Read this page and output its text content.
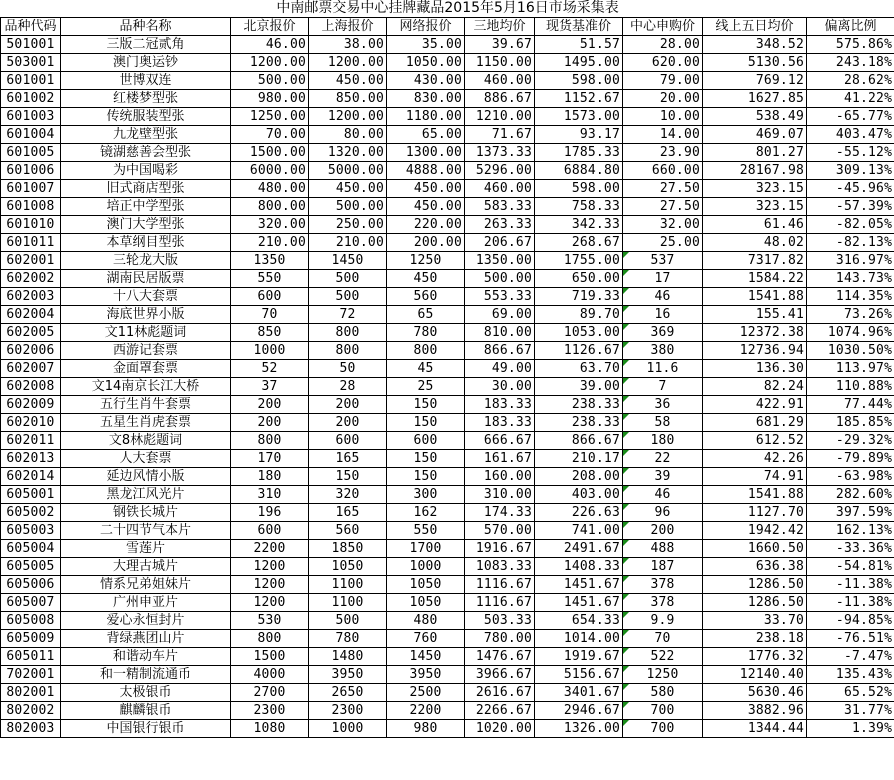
中南邮票交易中心挂牌藏品2015年5月16日市场采集表									
品种代码	品种名称	北京报价	上海报价	网络报价	三地均价	现货基准价	中心申购价	线上五日均价	偏离比例
501001	三版二冠贰角	46.00	38.00	35.00	39.67	51.57	28.00	348.52	575.86%
503001	澳门奥运钞	1200.00	1200.00	1050.00	1150.00	1495.00	620.00	5130.56	243.18%
601001	世博双连	500.00	450.00	430.00	460.00	598.00	79.00	769.12	28.62%
601002	红楼梦型张	980.00	850.00	830.00	886.67	1152.67	20.00	1627.85	41.22%
601003	传统服装型张	1250.00	1200.00	1180.00	1210.00	1573.00	10.00	538.49	-65.77%
601004	九龙壁型张	70.00	80.00	65.00	71.67	93.17	14.00	469.07	403.47%
601005	镜湖慈善会型张	1500.00	1320.00	1300.00	1373.33	1785.33	23.90	801.27	-55.12%
601006	为中国喝彩	6000.00	5000.00	4888.00	5296.00	6884.80	660.00	28167.98	309.13%
601007	旧式商店型张	480.00	450.00	450.00	460.00	598.00	27.50	323.15	-45.96%
601008	培正中学型张	800.00	500.00	450.00	583.33	758.33	27.50	323.15	-57.39%
601010	澳门大学型张	320.00	250.00	220.00	263.33	342.33	32.00	61.46	-82.05%
601011	本草纲目型张	210.00	210.00	200.00	206.67	268.67	25.00	48.02	-82.13%
602001	三轮龙大版	1350	1450	1250	1350.00	1755.00	537	7317.82	316.97%
602002	湖南民居版票	550	500	450	500.00	650.00	17	1584.22	143.73%
602003	十八大套票	600	500	560	553.33	719.33	46	1541.88	114.35%
602004	海底世界小版	70	72	65	69.00	89.70	16	155.41	73.26%
602005	文11林彪题词	850	800	780	810.00	1053.00	369	12372.38	1074.96%
602006	西游记套票	1000	800	800	866.67	1126.67	380	12736.94	1030.50%
602007	金面罩套票	52	50	45	49.00	63.70	11.6	136.30	113.97%
602008	文14南京长江大桥	37	28	25	30.00	39.00	7	82.24	110.88%
602009	五行生肖牛套票	200	200	150	183.33	238.33	36	422.91	77.44%
602010	五星生肖虎套票	200	200	150	183.33	238.33	58	681.29	185.85%
602011	文8林彪题词	800	600	600	666.67	866.67	180	612.52	-29.32%
602013	人大套票	170	165	150	161.67	210.17	22	42.26	-79.89%
602014	延边风情小版	180	150	150	160.00	208.00	39	74.91	-63.98%
605001	黑龙江风光片	310	320	300	310.00	403.00	46	1541.88	282.60%
605002	钢铁长城片	196	165	162	174.33	226.63	96	1127.70	397.59%
605003	二十四节气本片	600	560	550	570.00	741.00	200	1942.42	162.13%
605004	雪莲片	2200	1850	1700	1916.67	2491.67	488	1660.50	-33.36%
605005	大理古城片	1200	1050	1000	1083.33	1408.33	187	636.38	-54.81%
605006	情系兄弟姐妹片	1200	1100	1050	1116.67	1451.67	378	1286.50	-11.38%
605007	广州申亚片	1200	1100	1050	1116.67	1451.67	378	1286.50	-11.38%
605008	爱心永恒封片	530	500	480	503.33	654.33	9.9	33.70	-94.85%
605009	背绿燕团山片	800	780	760	780.00	1014.00	70	238.18	-76.51%
605011	和谐动车片	1500	1480	1450	1476.67	1919.67	522	1776.32	-7.47%
702001	和一精制流通币	4000	3950	3950	3966.67	5156.67	1250	12140.40	135.43%
802001	太极银币	2700	2650	2500	2616.67	3401.67	580	5630.46	65.52%
802002	麒麟银币	2300	2300	2200	2266.67	2946.67	700	3882.96	31.77%
802003	中国银行银币	1080	1000	980	1020.00	1326.00	700	1344.44	1.39%
